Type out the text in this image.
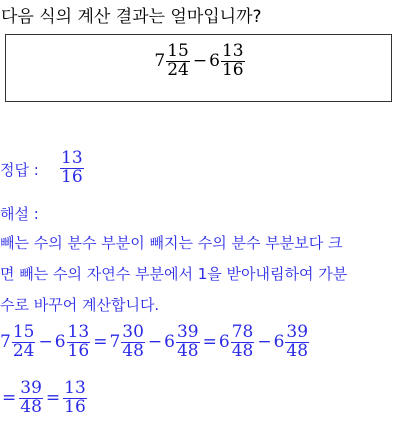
다음 식의 계산 결과는 얼마입니까?
$7 \frac{15}{24} - 6 \frac{13}{16}$
정답 : $\frac{13}{16}$
해설 :
빼는 수의 분수 부분이 빼지는 수의 분수 부분보다 크
면 빼는 수의 자연수 부분에서 1을 받아내림하여 가분
수로 바꾸어 계산합니다.
$7 \frac{15}{24} - 6 \frac{13}{16} = 7 \frac{30}{48} - 6 \frac{39}{48} = 6 \frac{78}{48} - 6 \frac{39}{48}$
= $\frac{39}{48} = \frac{13}{16}$
